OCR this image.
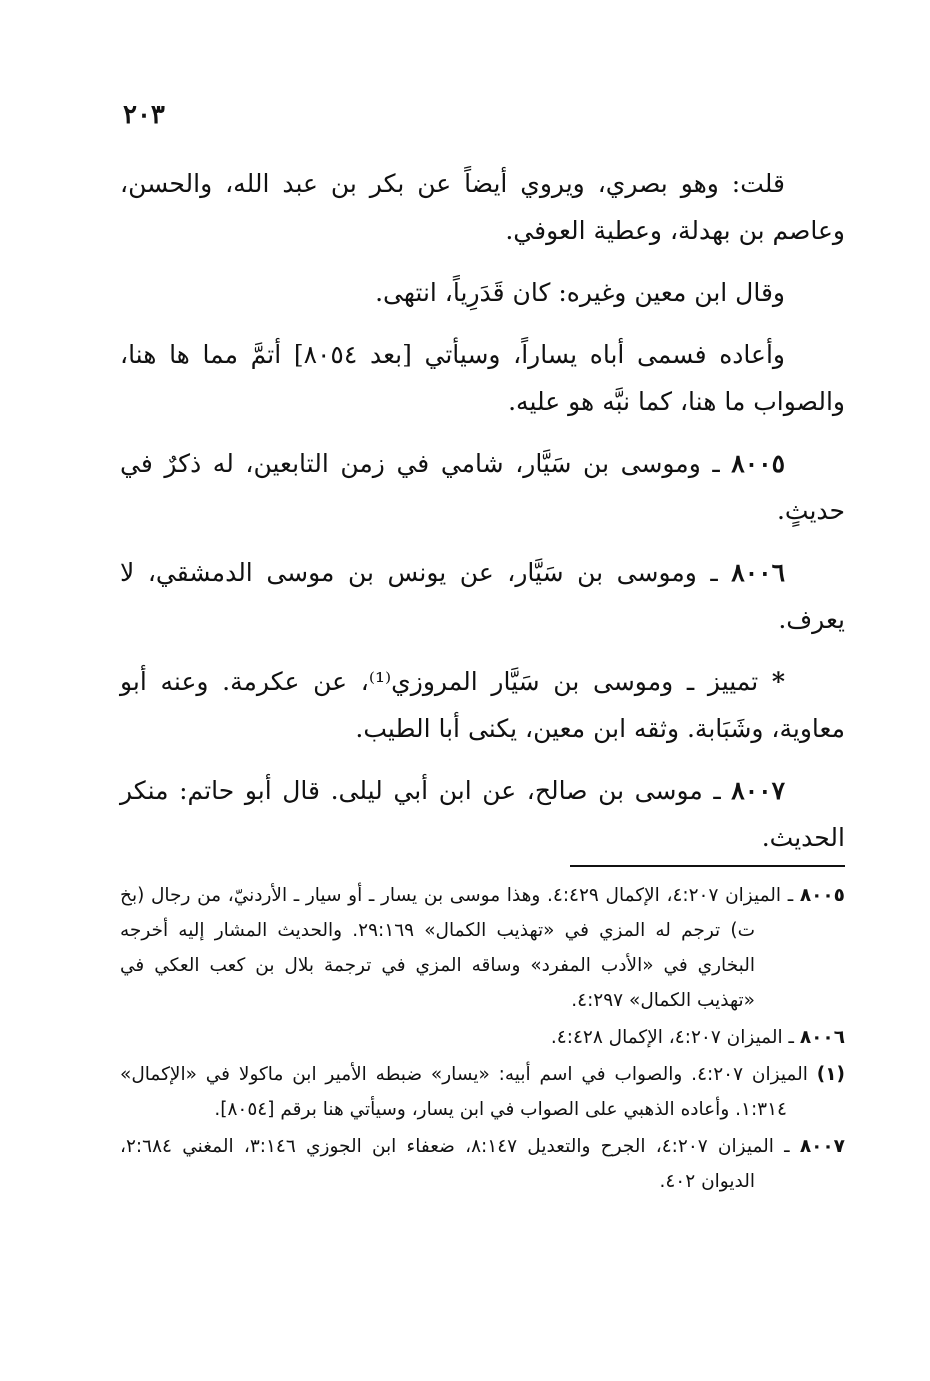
٢٠٣

قلت: وهو بصري، ويروي أيضاً عن بكر بن عبد الله، والحسن، وعاصم بن بهدلة، وعطية العوفي.

وقال ابن معين وغيره: كان قَدَرِياً، انتهى.

وأعاده فسمى أباه يساراً، وسيأتي [بعد ٨٠٥٤] أتمَّ مما ها هنا، والصواب ما هنا، كما نبَّه هو عليه.

٨٠٠٥ ـ وموسى بن سَيَّار، شامي في زمن التابعين، له ذكرٌ في حديثٍ.

٨٠٠٦ ـ وموسى بن سَيَّار، عن يونس بن موسى الدمشقي، لا يعرف.

* تمييز ـ وموسى بن سَيَّار المروزي⁽¹⁾، عن عكرمة. وعنه أبو معاوية، وشَبَابة. وثقه ابن معين، يكنى أبا الطيب.

٨٠٠٧ ـ موسى بن صالح، عن ابن أبي ليلى. قال أبو حاتم: منكر الحديث.

٨٠٠٥ ـ الميزان ٤:٢٠٧، الإكمال ٤:٤٢٩. وهذا موسى بن يسار ـ أو سيار ـ الأردنيّ، من رجال (بخ ت) ترجم له المزي في «تهذيب الكمال» ٢٩:١٦٩. والحديث المشار إليه أخرجه البخاري في «الأدب المفرد» وساقه المزي في ترجمة بلال بن كعب العكي في «تهذيب الكمال» ٤:٢٩٧.

٨٠٠٦ ـ الميزان ٤:٢٠٧، الإكمال ٤:٤٢٨.

(١) الميزان ٤:٢٠٧. والصواب في اسم أبيه: «يسار» ضبطه الأمير ابن ماكولا في «الإكمال» ١:٣١٤. وأعاده الذهبي على الصواب في ابن يسار، وسيأتي هنا برقم [٨٠٥٤].

٨٠٠٧ ـ الميزان ٤:٢٠٧، الجرح والتعديل ٨:١٤٧، ضعفاء ابن الجوزي ٣:١٤٦، المغني ٢:٦٨٤، الديوان ٤٠٢.
